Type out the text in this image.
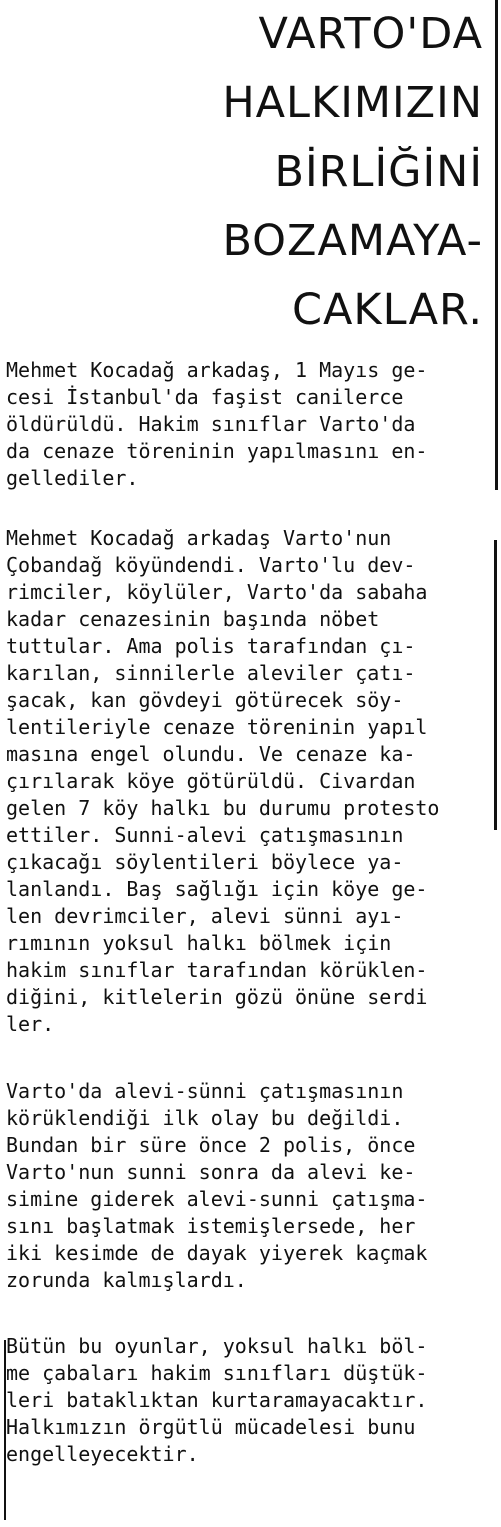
VARTO'DA
HALKIMIZIN
BİRLİĞİNİ
BOZAMAYA-
CAKLAR.
Mehmet Kocadağ arkadaş, 1 Mayıs ge-
cesi İstanbul'da faşist canilerce
öldürüldü. Hakim sınıflar Varto'da
da cenaze töreninin yapılmasını en-
gellediler.
Mehmet Kocadağ arkadaş Varto'nun
Çobandağ köyündendi. Varto'lu dev-
rimciler, köylüler, Varto'da sabaha
kadar cenazesinin başında nöbet
tuttular. Ama polis tarafından çı-
karılan, sinnilerle aleviler çatı-
şacak, kan gövdeyi götürecek söy-
lentileriyle cenaze töreninin yapıl
masına engel olundu. Ve cenaze ka-
çırılarak köye götürüldü. Civardan
gelen 7 köy halkı bu durumu protesto
ettiler. Sunni-alevi çatışmasının
çıkacağı söylentileri böylece ya-
lanlandı. Baş sağlığı için köye ge-
len devrimciler, alevi sünni ayı-
rımının yoksul halkı bölmek için
hakim sınıflar tarafından körüklen-
diğini, kitlelerin gözü önüne serdi
ler.
Varto'da alevi-sünni çatışmasının
körüklendiği ilk olay bu değildi.
Bundan bir süre önce 2 polis, önce
Varto'nun sunni sonra da alevi ke-
simine giderek alevi-sunni çatışma-
sını başlatmak istemişlersede, her
iki kesimde de dayak yiyerek kaçmak
zorunda kalmışlardı.
Bütün bu oyunlar, yoksul halkı böl-
me çabaları hakim sınıfları düştük-
leri bataklıktan kurtaramayacaktır.
Halkımızın örgütlü mücadelesi bunu
engelleyecektir.
